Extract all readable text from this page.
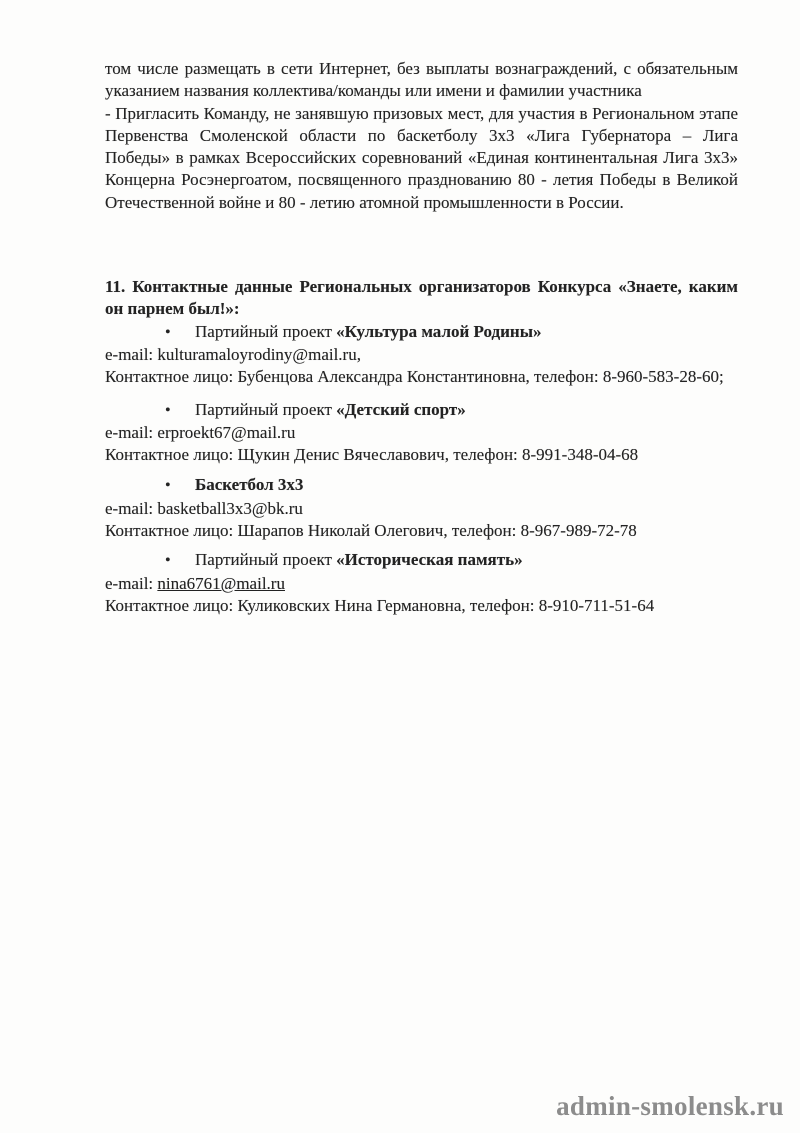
том числе размещать в сети Интернет, без выплаты вознаграждений, с обязательным указанием названия коллектива/команды или имени и фамилии участника

- Пригласить Команду, не занявшую призовых мест, для участия в Региональном этапе Первенства Смоленской области по баскетболу 3х3 «Лига Губернатора – Лига Победы» в рамках Всероссийских соревнований «Единая континентальная Лига 3х3» Концерна Росэнергоатом, посвященного празднованию 80 - летия Победы в Великой Отечественной войне и 80 - летию атомной промышленности в России.

11. Контактные данные Региональных организаторов Конкурса «Знаете, каким он парнем был!»:

• Партийный проект «Культура малой Родины»
e-mail: kulturamaloyrodiny@mail.ru,
Контактное лицо: Бубенцова Александра Константиновна, телефон: 8-960-583-28-60;
• Партийный проект «Детский спорт»
e-mail: erproekt67@mail.ru
Контактное лицо: Щукин Денис Вячеславович, телефон: 8-991-348-04-68
• Баскетбол 3х3
e-mail: basketball3x3@bk.ru
Контактное лицо: Шарапов Николай Олегович, телефон: 8-967-989-72-78
• Партийный проект «Историческая память»
e-mail: nina6761@mail.ru
Контактное лицо: Куликовских Нина Германовна, телефон: 8-910-711-51-64
admin-smolensk.ru
